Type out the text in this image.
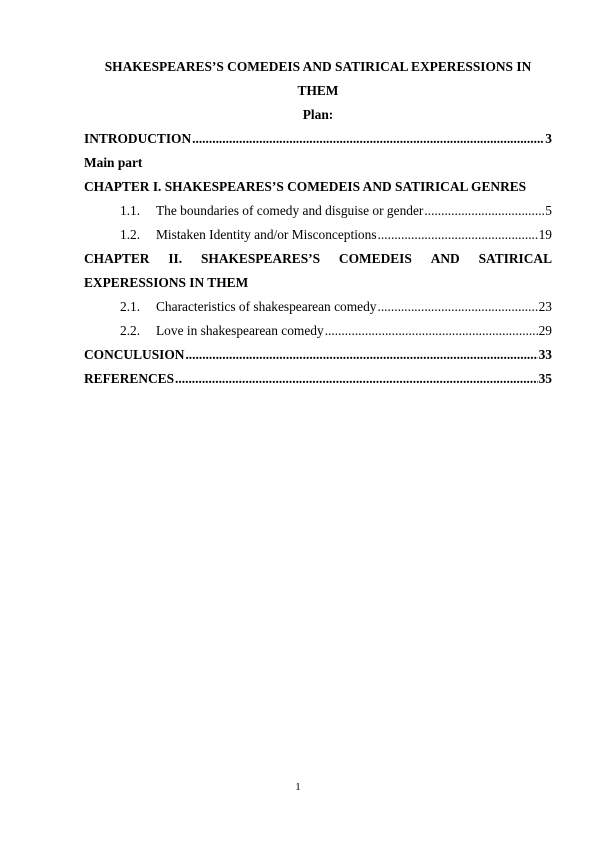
SHAKESPEARES’S COMEDEIS AND SATIRICAL EXPERESSIONS IN
THEM
Plan:
INTRODUCTION .....	3
Main part
CHAPTER I. SHAKESPEARES’S COMEDEIS AND SATIRICAL GENRES
1.1. The boundaries of comedy and disguise or gender .....	5
1.2. Mistaken Identity and/or Misconceptions .....	19
CHAPTER II. SHAKESPEARES’S COMEDEIS AND SATIRICAL
EXPERESSIONS IN THEM
2.1. Characteristics of shakespearean comedy .....	23
2.2. Love in shakespearean comedy .....	29
CONCULUSION .....	33
REFERENCES .....	35
1
